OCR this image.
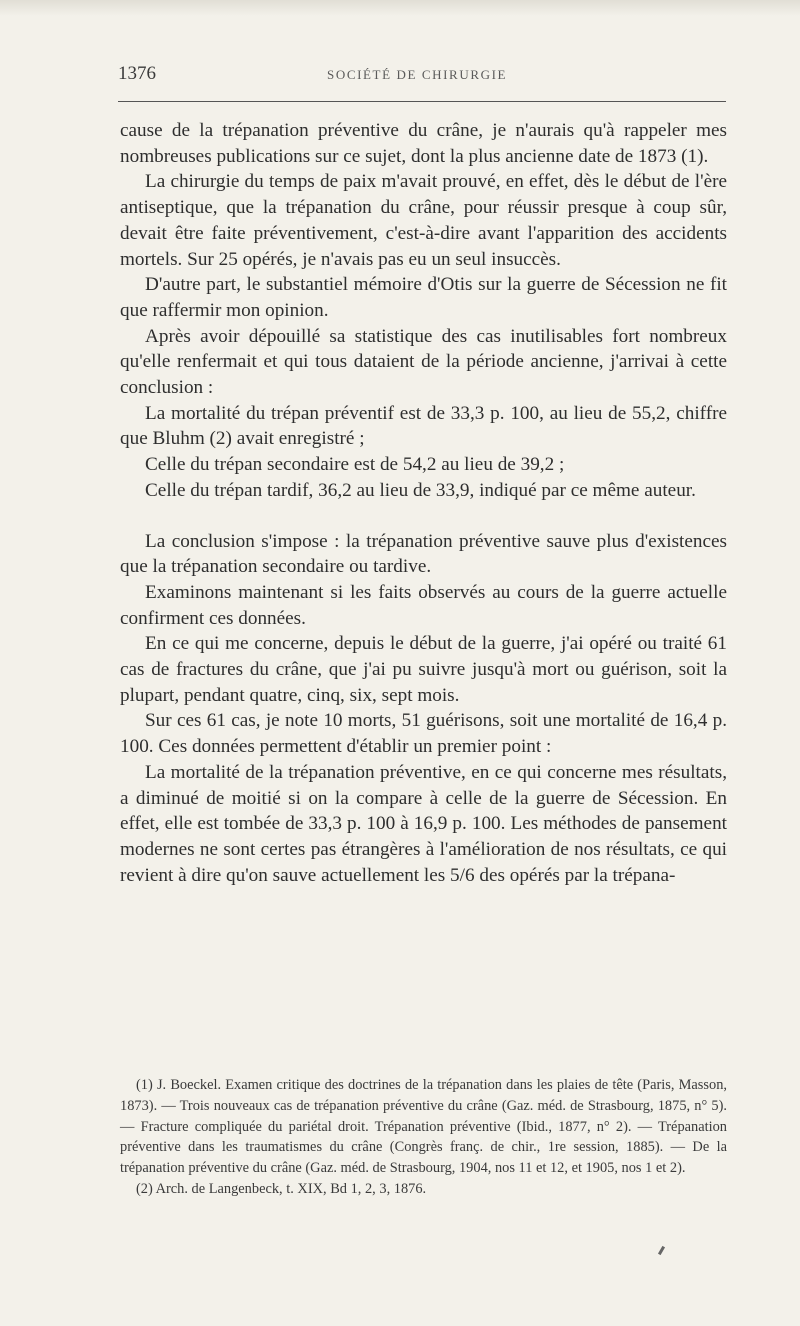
1376	SOCIÉTÉ DE CHIRURGIE

cause de la trépanation préventive du crâne, je n'aurais qu'à rappeler mes nombreuses publications sur ce sujet, dont la plus ancienne date de 1873 (1).

La chirurgie du temps de paix m'avait prouvé, en effet, dès le début de l'ère antiseptique, que la trépanation du crâne, pour réussir presque à coup sûr, devait être faite préventivement, c'est-à-dire avant l'apparition des accidents mortels. Sur 25 opérés, je n'avais pas eu un seul insuccès.

D'autre part, le substantiel mémoire d'Otis sur la guerre de Sécession ne fit que raffermir mon opinion.

Après avoir dépouillé sa statistique des cas inutilisables fort nombreux qu'elle renfermait et qui tous dataient de la période ancienne, j'arrivai à cette conclusion :

La mortalité du trépan préventif est de 33,3 p. 100, au lieu de 55,2, chiffre que Bluhm (2) avait enregistré ;

Celle du trépan secondaire est de 54,2 au lieu de 39,2 ;

Celle du trépan tardif, 36,2 au lieu de 33,9, indiqué par ce même auteur.

La conclusion s'impose : la trépanation préventive sauve plus d'existences que la trépanation secondaire ou tardive.

Examinons maintenant si les faits observés au cours de la guerre actuelle confirment ces données.

En ce qui me concerne, depuis le début de la guerre, j'ai opéré ou traité 61 cas de fractures du crâne, que j'ai pu suivre jusqu'à mort ou guérison, soit la plupart, pendant quatre, cinq, six, sept mois.

Sur ces 61 cas, je note 10 morts, 51 guérisons, soit une mortalité de 16,4 p. 100. Ces données permettent d'établir un premier point :

La mortalité de la trépanation préventive, en ce qui concerne mes résultats, a diminué de moitié si on la compare à celle de la guerre de Sécession. En effet, elle est tombée de 33,3 p. 100 à 16,9 p. 100. Les méthodes de pansement modernes ne sont certes pas étrangères à l'amélioration de nos résultats, ce qui revient à dire qu'on sauve actuellement les 5/6 des opérés par la trépana-

(1) J. Boeckel. Examen critique des doctrines de la trépanation dans les plaies de tête (Paris, Masson, 1873). — Trois nouveaux cas de trépanation préventive du crâne (Gaz. méd. de Strasbourg, 1875, n° 5). — Fracture compliquée du pariétal droit. Trépanation préventive (Ibid., 1877, n° 2). — Trépanation préventive dans les traumatismes du crâne (Congrès franç. de chir., 1re session, 1885). — De la trépanation préventive du crâne (Gaz. méd. de Strasbourg, 1904, nos 11 et 12, et 1905, nos 1 et 2).

(2) Arch. de Langenbeck, t. XIX, Bd 1, 2, 3, 1876.
